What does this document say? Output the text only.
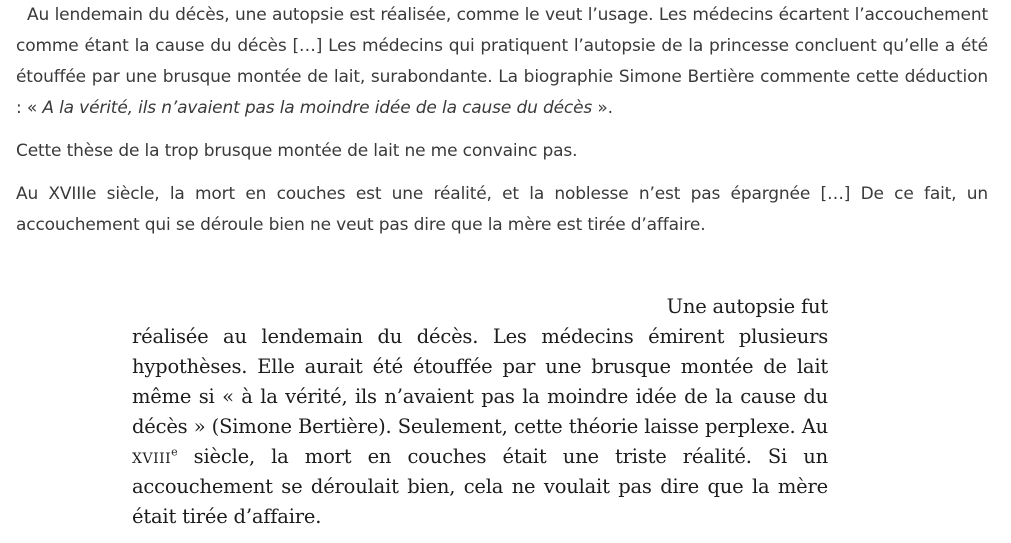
Au lendemain du décès, une autopsie est réalisée, comme le veut l’usage. Les médecins écartent l’accouchement comme étant la cause du décès […] Les médecins qui pratiquent l’autopsie de la princesse concluent qu’elle a été étouffée par une brusque montée de lait, surabondante. La biographie Simone Bertière commente cette déduction : « A la vérité, ils n’avaient pas la moindre idée de la cause du décès ».

Cette thèse de la trop brusque montée de lait ne me convainc pas.

Au XVIIIe siècle, la mort en couches est une réalité, et la noblesse n’est pas épargnée […] De ce fait, un accouchement qui se déroule bien ne veut pas dire que la mère est tirée d’affaire.

Une autopsie fut
réalisée au lendemain du décès. Les médecins émirent plusieurs hypothèses. Elle aurait été étouffée par une brusque montée de lait même si « à la vérité, ils n’avaient pas la moindre idée de la cause du décès » (Simone Bertière). Seulement, cette théorie laisse perplexe. Au xviii$^e$ siècle, la mort en couches était une triste réalité. Si un accouchement se déroulait bien, cela ne voulait pas dire que la mère était tirée d’affaire.
